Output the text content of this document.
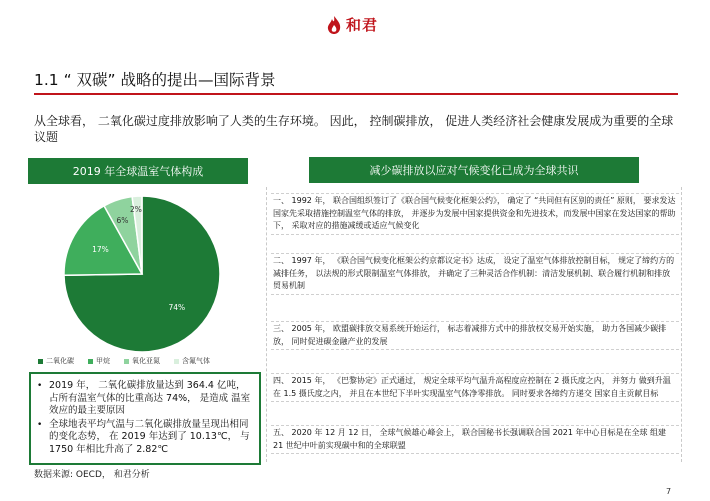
和君
1.1 “ 双碳” 战略的提出—国际背景
从全球看， 二氧化碳过度排放影响了人类的生存环境。 因此， 控制碳排放， 促进人类经济社会健康发展成为重要的全球议题
2019 年全球温室气体构成	减少碳排放以应对气候变化已成为全球共识
74%
17%
6%
2%
二氧化碳	甲烷	氧化亚氮	含氟气体
• 2019 年， 二氧化碳排放量达到 364.4 亿吨，占所有温室气体的比重高达 74%， 是造成 温室效应的最主要原因
• 全球地表平均气温与二氧化碳排放量呈现出相同的变化态势， 在 2019 年达到了 10.13℃， 与 1750 年相比升高了 2.82℃
数据来源: OECD， 和君分析
一、 1992 年， 联合国组织签订了《联合国气候变化框架公约》， 确定了 “共同但有区别的责任” 原则， 要求发达国家先采取措施控制温室气体的排放， 并逐步为发展中国家提供资金和先进技术，而发展中国家在发达国家的帮助下， 采取对应的措施减缓或适应气候变化
二、 1997 年， 《联合国气候变化框架公约京都议定书》达成， 设定了温室气体排放控制目标， 规定了缔约方的减排任务， 以法规的形式限制温室气体排放， 并确定了三种灵活合作机制：清洁发展机制、联合履行机制和排放贸易机制
三、 2005 年， 欧盟碳排放交易系统开始运行， 标志着减排方式中的排放权交易开始实施， 助力各国减少碳排放， 同时促进碳金融产业的发展
四、 2015 年， 《巴黎协定》正式通过， 规定全球平均气温升高程度应控制在 2 摄氏度之内， 并努力 做到升温在 1.5 摄氏度之内， 并且在本世纪下半叶实现温室气体净零排放。 同时要求各缔约方递交 国家自主贡献目标
五、 2020 年 12 月 12 日， 全球气候雄心峰会上， 联合国秘书长强调联合国 2021 年中心目标是在全球 组建 21 世纪中叶前实现碳中和的全球联盟
7
